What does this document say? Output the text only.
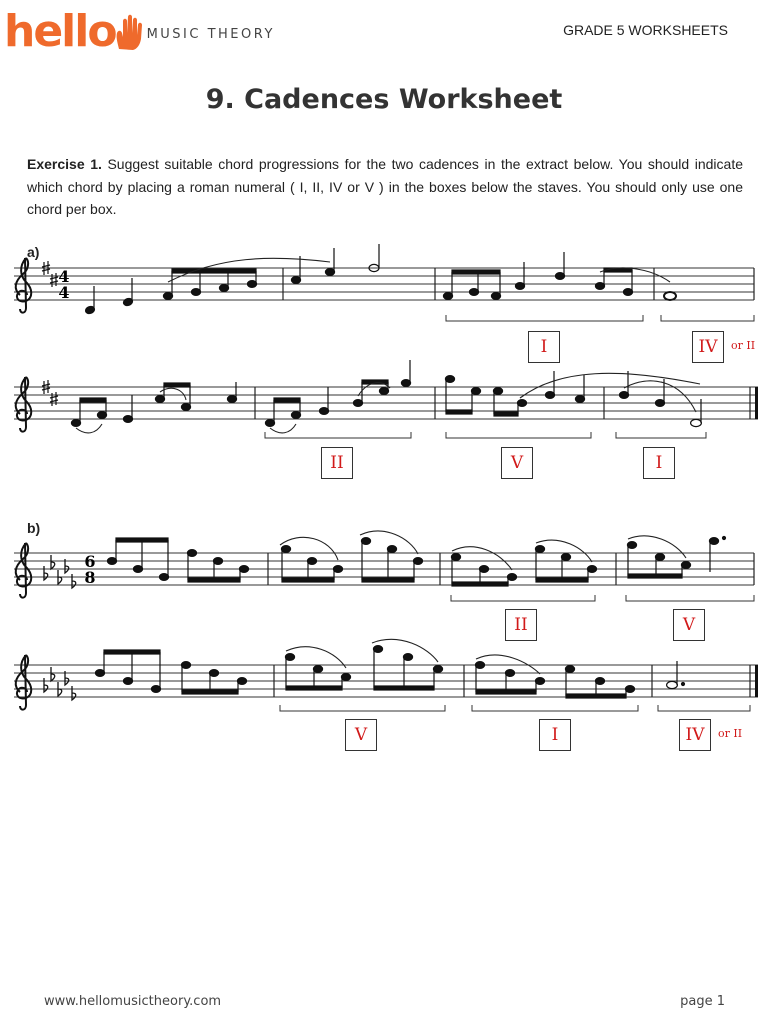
hello MUSIC THEORY	GRADE 5 WORKSHEETS
9. Cadences Worksheet

Exercise 1. Suggest suitable chord progressions for the two cadences in the extract below. You should indicate which chord by placing a roman numeral ( I, II, IV or V ) in the boxes below the staves. You should only use one chord per box.

a)
b)
4
4
6
8
I	IV	or II
II	V	I
II	V
V	I	IV	or II
www.hellomusictheory.com	page 1
